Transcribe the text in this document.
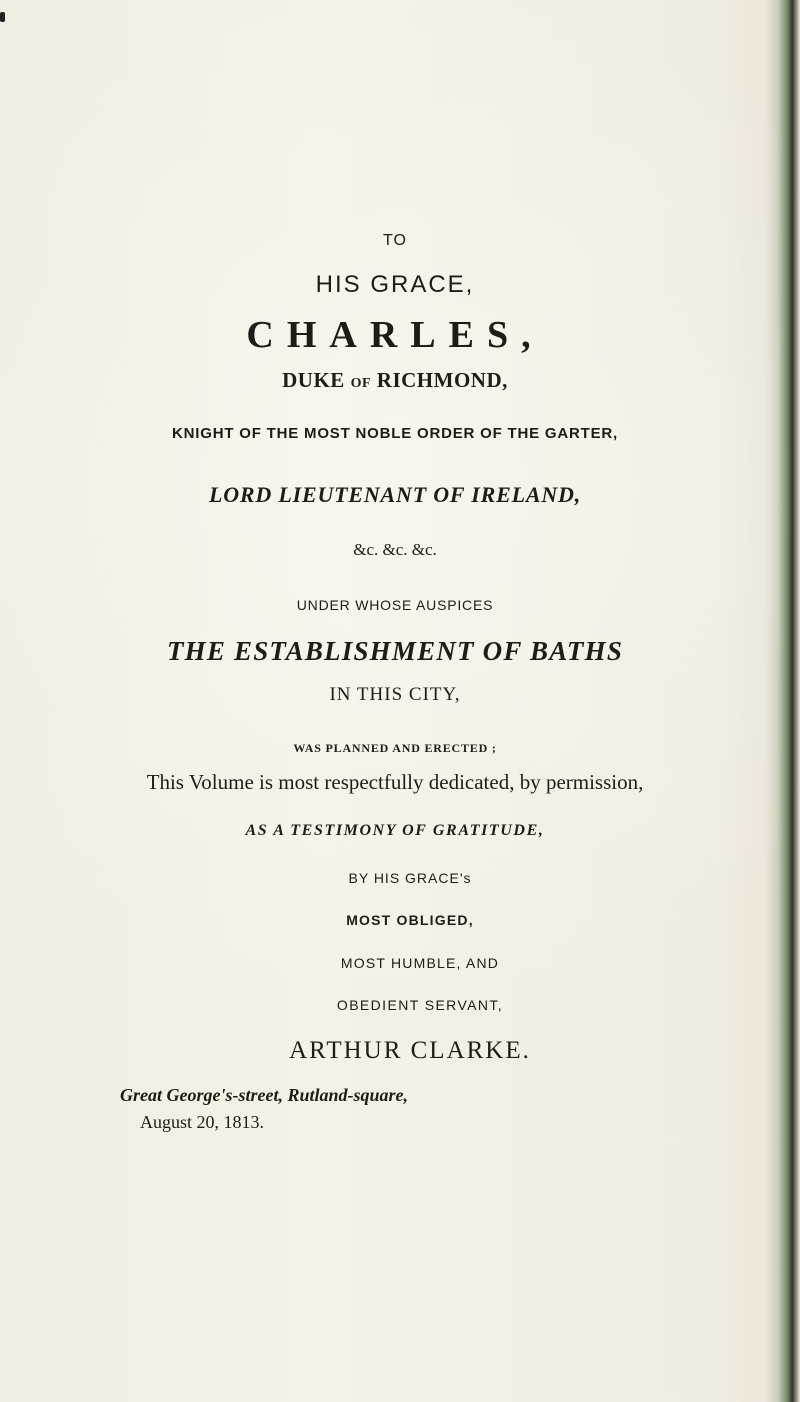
TO
HIS GRACE,
CHARLES,
DUKE OF RICHMOND,
KNIGHT OF THE MOST NOBLE ORDER OF THE GARTER,
LORD LIEUTENANT OF IRELAND,
&c. &c. &c.
UNDER WHOSE AUSPICES
THE ESTABLISHMENT OF BATHS
IN THIS CITY,
WAS PLANNED AND ERECTED ;
This Volume is most respectfully dedicated, by permission,
AS A TESTIMONY OF GRATITUDE,
BY HIS GRACE's
MOST OBLIGED,
MOST HUMBLE, AND
OBEDIENT SERVANT,
ARTHUR CLARKE.
Great George's-street, Rutland-square,
August 20, 1813.
